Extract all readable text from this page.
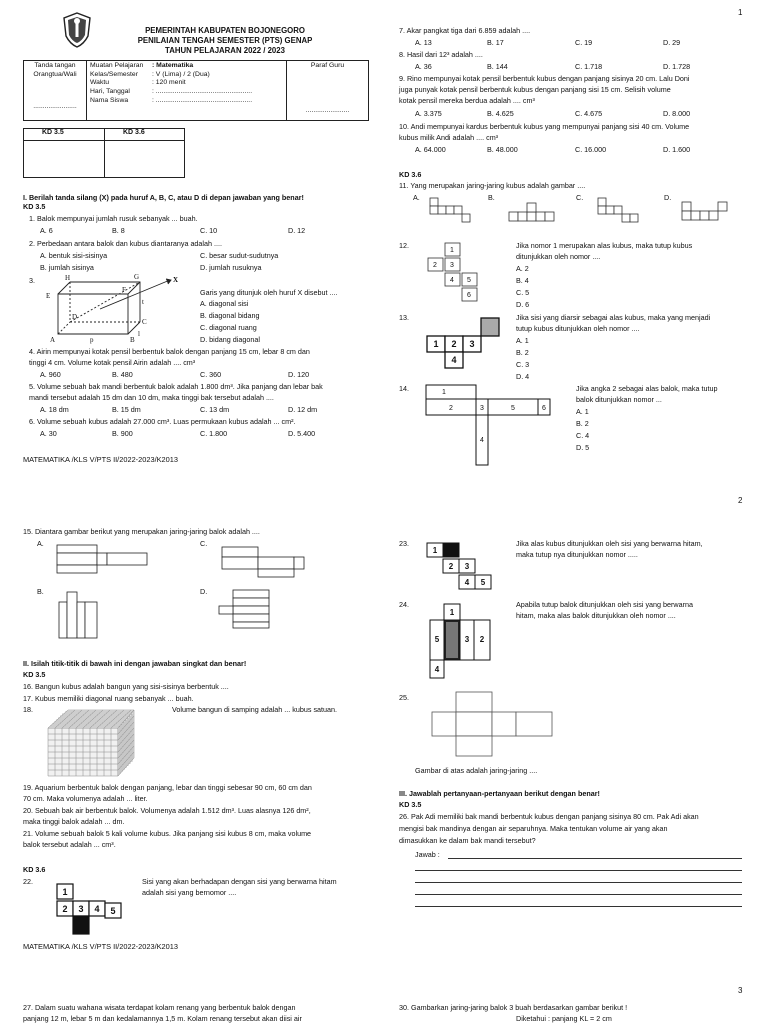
1
PEMERINTAH KABUPATEN BOJONEGORO
PENILAIAN TENGAH SEMESTER (PTS) GENAP
TAHUN PELAJARAN 2022 / 2023
Tanda tangan
Orangtua/Wali
.......................

Muatan Pelajaran : Matematika
Kelas/Semester : V (Lima) / 2 (Dua)
Waktu	: 120 menit
Hari, Tanggal	: ...................................................
Nama Siswa	: ...................................................

Paraf Guru
.......................
KD 3.5	KD 3.6
I. Berilah tanda silang (X) pada huruf A, B, C, atau D di depan jawaban yang benar!
KD 3.5
1. Balok mempunyai jumlah rusuk sebanyak ... buah.
A. 6	B. 8	C. 10	D. 12
2. Perbedaan antara balok dan kubus diantaranya adalah ....
A. bentuk sisi-sisinya	C. besar sudut-sudutnya
B. jumlah sisinya	D. jumlah rusuknya
3.	H	G
E
F
D
C
A	p	B
X
l
t
Garis yang ditunjuk oleh huruf X disebut ....
A. diagonal sisi
B. diagonal bidang
C. diagonal ruang
D. bidang diagonal
4. Airin mempunyai kotak pensil berbentuk balok dengan panjang 15 cm, lebar 8 cm dan
tinggi 4 cm. Volume kotak pensil Airin adalah .... cm³
A. 960	B. 480	C. 360	D. 120
5. Volume sebuah bak mandi berbentuk balok adalah 1.800 dm³. Jika panjang dan lebar bak
mandi tersebut adalah 15 dm dan 10 dm, maka tinggi bak tersebut adalah ....
A. 18 dm	B. 15 dm	C. 13 dm	D. 12 dm
6. Volume sebuah kubus adalah 27.000 cm³. Luas permukaan kubus adalah ... cm².
A. 30	B. 900	C. 1.800	D. 5.400
MATEMATIKA /KLS V/PTS II/2022-2023/K2013
7. Akar pangkat tiga dari 6.859 adalah ....
A. 13	B. 17	C. 19	D. 29
8. Hasil dari 12³ adalah ....
A. 36	B. 144	C. 1.718	D. 1.728
9. Rino mempunyai kotak pensil berbentuk kubus dengan panjang sisinya 20 cm. Lalu Doni
juga punyak kotak pensil berbentuk kubus dengan panjang sisi 15 cm. Selisih volume
kotak pensil mereka berdua adalah .... cm³
A. 3.375	B. 4.625	C. 4.675	D. 8.000
10. Andi mempunyai kardus berbentuk kubus yang mempunyai panjang sisi 40 cm. Volume
kubus milik Andi adalah .... cm³
A. 64.000	B. 48.000	C. 16.000	D. 1.600
KD 3.6
11. Yang merupakan jaring-jaring kubus adalah gambar ....
A.	B.	C.	D.
12.
1
2 3
4 5
6
Jika nomor 1 merupakan alas kubus, maka tutup kubus
ditunjukkan oleh nomor ....
A. 2
B. 4
C. 5
D. 6
13.
1 2 3
4
Jika sisi yang diarsir sebagai alas kubus, maka yang menjadi
tutup kubus ditunjukkan oleh nomor ....
A. 1
B. 2
C. 3
D. 4
14.	1
2	3	5	6
4
Jika angka 2 sebagai alas balok, maka tutup
balok ditunjukkan nomor ...
A. 1
B. 2
C. 4
D. 5
2
15. Diantara gambar berikut yang merupakan jaring-jaring balok adalah ....
A.	C.
B.	D.
II. Isilah titik-titik di bawah ini dengan jawaban singkat dan benar!
KD 3.5
16. Bangun kubus adalah bangun yang sisi-sisinya berbentuk ....
17. Kubus memiliki diagonal ruang sebanyak ... buah.
18.	Volume bangun di samping adalah ... kubus satuan.
19. Aquarium berbentuk balok dengan panjang, lebar dan tinggi sebesar 90 cm, 60 cm dan
70 cm. Maka volumenya adalah ... liter.
20. Sebuah bak air berbentuk balok. Volumenya adalah 1.512 dm³. Luas alasnya 126 dm²,
maka tinggi balok adalah ... dm.
21. Volume sebuah balok 5 kali volume kubus. Jika panjang sisi kubus 8 cm, maka volume
balok tersebut adalah ... cm³.
KD 3.6
22.
1
2 3 4 5
Sisi yang akan berhadapan dengan sisi yang berwarna hitam
adalah sisi yang bernomor ....
MATEMATIKA /KLS V/PTS II/2022-2023/K2013
23.
1
2 3
4 5
Jika alas kubus ditunjukkan oleh sisi yang berwarna hitam,
maka tutup nya ditunjukkan nomor .....
24.
1
5	3 2
4
Apabila tutup balok ditunjukkan oleh sisi yang berwarna
hitam, maka alas balok ditunjukkan oleh nomor ....
25.
Gambar di atas adalah jaring-jaring ....
III. Jawablah pertanyaan-pertanyaan berikut dengan benar!
KD 3.5
26. Pak Adi memiliki bak mandi berbentuk kubus dengan panjang sisinya 80 cm. Pak Adi akan
mengisi bak mandinya dengan air separuhnya. Maka tentukan volume air yang akan
dimasukkan ke dalam bak mandi tersebut?
Jawab :
3
27. Dalam suatu wahana wisata terdapat kolam renang yang berbentuk balok dengan
panjang 12 m, lebar 5 m dan kedalamannya 1,5 m. Kolam renang tersebut akan diisi air
30. Gambarkan jaring-jaring balok 3 buah berdasarkan gambar berikut !
Diketahui : panjang KL = 2 cm
